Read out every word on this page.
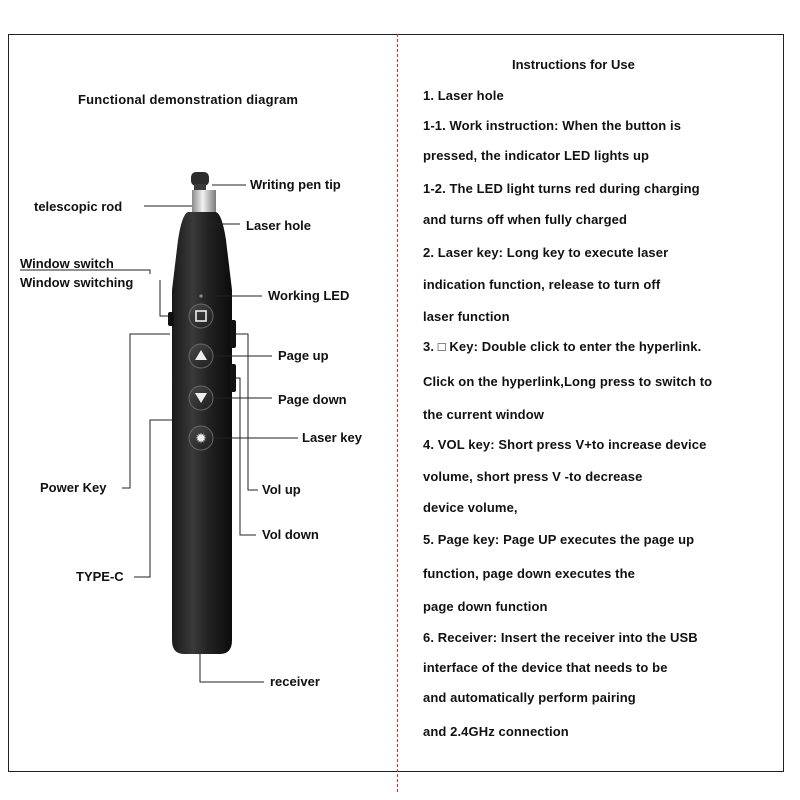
Functional demonstration diagram
Instructions for Use
✹
Writing pen tip
telescopic rod
Laser hole
Window switch
Window switching
Working LED
Page up
Page down
Laser key
Power Key	Vol up
Vol down
TYPE-C
receiver
1. Laser hole
1-1. Work instruction: When the button is
pressed, the indicator LED lights up
1-2. The LED light turns red during charging
and turns off when fully charged
2. Laser key: Long key to execute laser
indication function, release to turn off
laser function
3. □ Key: Double click to enter the hyperlink.
Click on the hyperlink,Long press to switch to
the current window
4. VOL key: Short press V+to increase device
volume, short press V -to decrease
device volume,
5. Page key: Page UP executes the page up
function, page down executes the
page down function
6. Receiver: Insert the receiver into the USB
interface of the device that needs to be
and automatically perform pairing
and 2.4GHz connection
